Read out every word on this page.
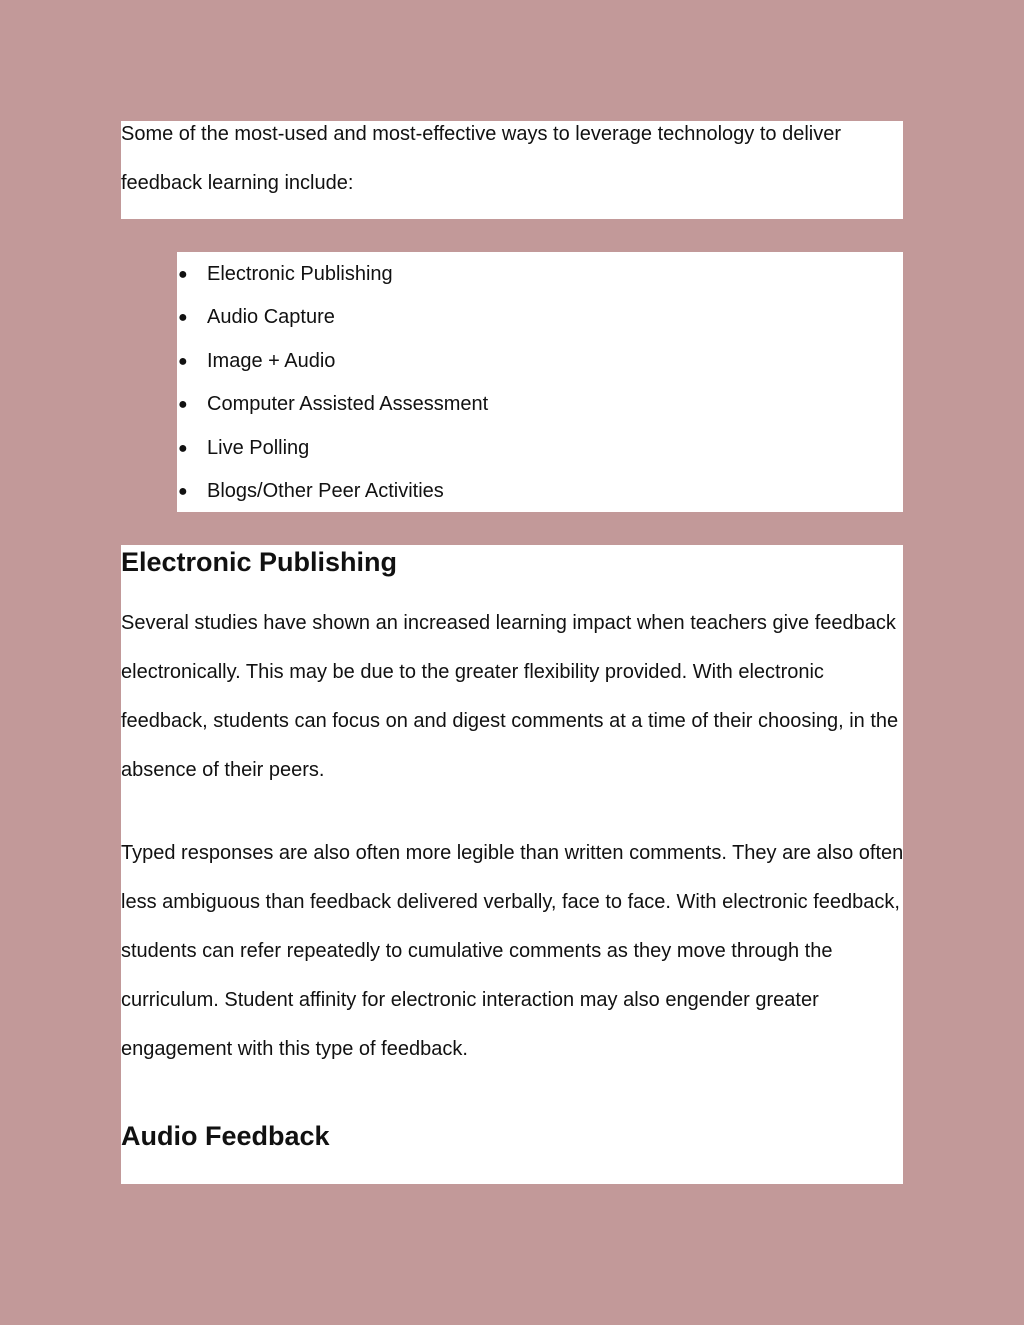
Some of the most-used and most-effective ways to leverage technology to deliver feedback learning include:

● Electronic Publishing
● Audio Capture
● Image + Audio
● Computer Assisted Assessment
● Live Polling
● Blogs/Other Peer Activities
Electronic Publishing

Several studies have shown an increased learning impact when teachers give feedback electronically. This may be due to the greater flexibility provided. With electronic feedback, students can focus on and digest comments at a time of their choosing, in the absence of their peers.

Typed responses are also often more legible than written comments. They are also often less ambiguous than feedback delivered verbally, face to face. With electronic feedback, students can refer repeatedly to cumulative comments as they move through the curriculum. Student affinity for electronic interaction may also engender greater engagement with this type of feedback.

Audio Feedback
